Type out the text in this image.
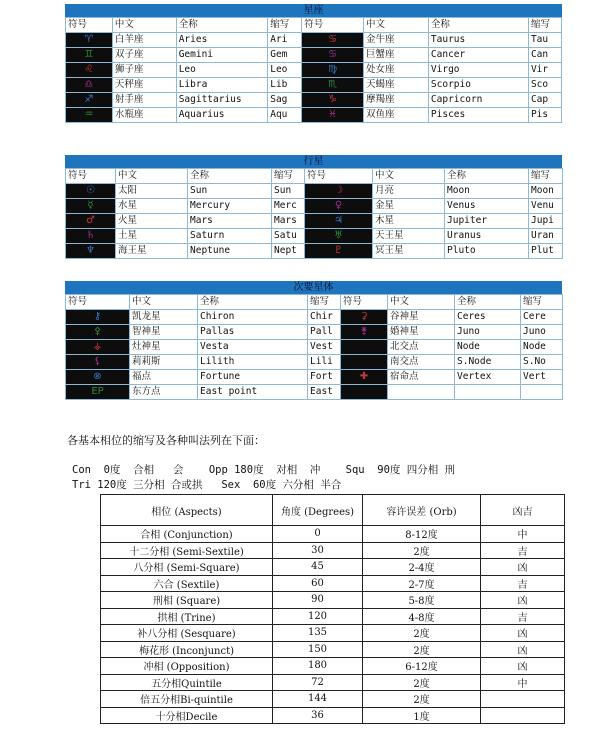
星座
符号	中文	全称	缩写	符号	中文	全称	缩写
♈	白羊座	Aries	Ari	♋	金牛座	Taurus	Tau
♊	双子座	Gemini	Gem	♋	巨蟹座	Cancer	Can
♌	狮子座	Leo	Leo	♍	处女座	Virgo	Vir
♎	天秤座	Libra	Lib	♏	天蝎座	Scorpio	Sco
♐	射手座	Sagittarius	Sag	♑	摩羯座	Capricorn	Cap
♒	水瓶座	Aquarius	Aqu	♓	双鱼座	Pisces	Pis
行星
符号	中文	全称	缩写	符号	中文	全称	缩写
☉	太阳	Sun	Sun	☽	月亮	Moon	Moon
☿	水星	Mercury	Merc	♀	金星	Venus	Venu
♂	火星	Mars	Mars	♃	木星	Jupiter	Jupi
♄	土星	Saturn	Satu	♅	天王星	Uranus	Uran
♆	海王星	Neptune	Nept	♇	冥王星	Pluto	Plut
次要星体
符号	中文	全称	缩写	符号	中文	全称	缩写
⚷	凯龙星	Chiron	Chir	⚳	谷神星	Ceres	Cere
⚴	智神星	Pallas	Pall	⚵	婚神星	Juno	Juno
⚶	灶神星	Vesta	Vest		北交点	Node	Node
⚸	莉莉斯	Lilith	Lili		南交点	S.Node	S.No
⊗	福点	Fortune	Fort	✚	宿命点	Vertex	Vert
EP	东方点	East point	East				
各基本相位的缩写及各种叫法列在下面：
Con  0度  合相   会    Opp 180度  对相  冲    Squ  90度 四分相 刑
Tri 120度 三分相 合或拱   Sex  60度 六分相 半合
相位 (Aspects)	角度 (Degrees)	容许误差 (Orb)	凶吉
合相 (Conjunction)	0	8-12度	中
十二分相 (Semi-Sextile)	30	2度	吉
八分相 (Semi-Square)	45	2-4度	凶
六合 (Sextile)	60	2-7度	吉
刑相 (Square)	90	5-8度	凶
拱相 (Trine)	120	4-8度	吉
补八分相 (Sesquare)	135	2度	凶
梅花形 (Inconjunct)	150	2度	凶
冲相 (Opposition)	180	6-12度	凶
五分相Quintile	72	2度	中
倍五分相Bi-quintile	144	2度	
十分相Decile	36	1度	
